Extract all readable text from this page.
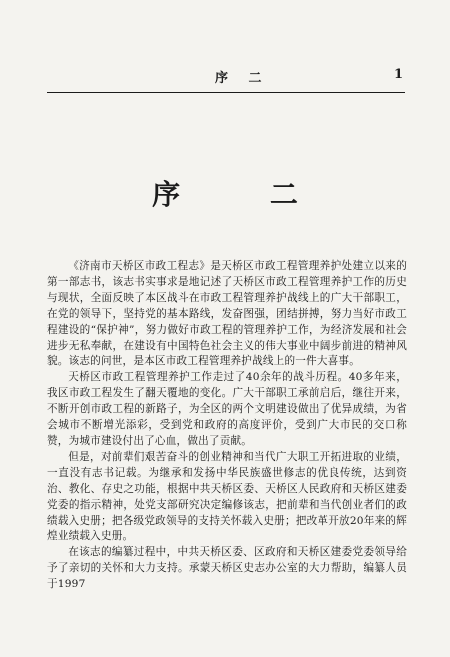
序 二	1
序 二

《济南市天桥区市政工程志》是天桥区市政工程管理养护处建立以来的第一部志书，该志书实事求是地记述了天桥区市政工程管理养护工作的历史与现状，全面反映了本区战斗在市政工程管理养护战线上的广大干部职工，在党的领导下，坚持党的基本路线，发奋图强，团结拼搏，努力当好市政工程建设的“保护神”，努力做好市政工程的管理养护工作，为经济发展和社会进步无私奉献，在建设有中国特色社会主义的伟大事业中阔步前进的精神风貌。该志的问世，是本区市政工程管理养护战线上的一件大喜事。

天桥区市政工程管理养护工作走过了40余年的战斗历程。40多年来，我区市政工程发生了翻天覆地的变化。广大干部职工承前启后，继往开来，不断开创市政工程的新路子，为全区的两个文明建设做出了优异成绩，为省会城市不断增光添彩，受到党和政府的高度评价，受到广大市民的交口称赞，为城市建设付出了心血，做出了贡献。

但是，对前辈们艰苦奋斗的创业精神和当代广大职工开拓进取的业绩，一直没有志书记载。为继承和发扬中华民族盛世修志的优良传统，达到资治、教化、存史之功能，根据中共天桥区委、天桥区人民政府和天桥区建委党委的指示精神，处党支部研究决定编修该志，把前辈和当代创业者们的政绩载入史册；把各级党政领导的支持关怀载入史册；把改革开放20年来的辉煌业绩载入史册。

在该志的编纂过程中，中共天桥区委、区政府和天桥区建委党委领导给予了亲切的关怀和大力支持。承蒙天桥区史志办公室的大力帮助，编纂人员于1997
